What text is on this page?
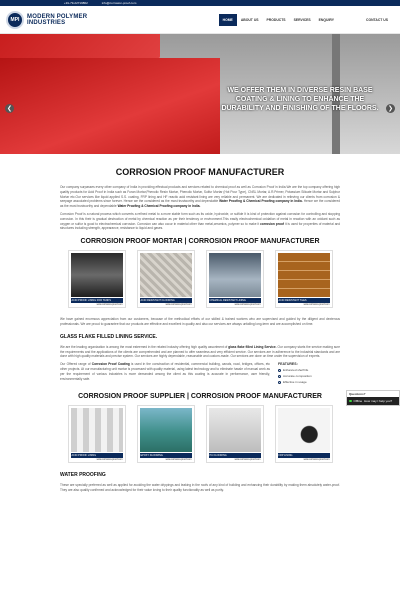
+91-79-22719862	info@corrosion-proof.com
MPI	MODERN POLYMER
INDUSTRIES	HOME	ABOUT US	PRODUCTS	SERVICES	ENQUIRY	CONTACT US
WE OFFER THEM IN DIVERSE RESIN BASE COATING & LINING TO ENHANCE THE DURABILITY AND FINISHING OF THE FLOORS.
❮	❯
CORROSION PROOF MANUFACTURER

Our company surpasses every other company of India in providing effectual products and services related to chemical proof as well as Corrosion Proof in India.We are the top company offering high quality products for Acid Proof in India such as Furan Mortar,Phenolic Resin Mortar, Phenolic Mortar, Sulfur Mortar (Hot Pour Type), CNSL Mortar, A.R.Primer, Potassium Silicate Mortar and Sulphur Mortar etc.Our services like liquid applied S.S. coating, FRP lining and HF reactic acid resistant lining are very reliable and permanent. We are dedicated in relieving our clients from corrosion & seepage associated problems since forever. Hence we the considered as the most trustworthy and dependable Water Proofing & Chemical Proofing company in India. Hence we the considered as the most trustworthy and dependable Water Proofing & Chemical Proofing company in India.

Corrosion Proof is a natural process which converts a refined metal to a more stable form such as its oxide, hydroxide, or sulfide It is kind of protection against corrosion for controlling and stopping corrosion. In this their is gradual destruction of metal by chemical reaction as per their tendency or environment.This easily electrochemical oxidation of metal in reaction with an oxidant such as oxygen or sulfur is good to electrochemical corrosion. Corrosion can also occur in material other than metal,ceramics, polymer so to make it corrosion proof it is used for properties of material and structures including strength, appearance, resistance to liquid and gases.

CORROSION PROOF MORTAR | CORROSION PROOF MANUFACTURER
ACID PROOF LINING FOR TANKS
www.corrosion-proof.com
ACID RESISTANT FLOORING
www.corrosion-proof.com
CHEMICAL RESISTANT LINING
www.corrosion-proof.com
ACID RESISTANT TILES
www.corrosion-proof.com

We have gained enormous appreciation from our customers, because of the methodical efforts of our skilled & trained workers who are supervised and guided by the diligent and dexterous professionals. We are proud to guarantee that our products are effective and excellent in quality and also our services are always unfailing long-term and are accomplished on time.

GLASS FLAKE FILLED LINING SERVICE.

We are the leading organization is among the most esteemed in the related industry offering high quality assortment of glass flake filled Lining Service. Our company starts the service making sure the requirements and the applications of the clients are comprehended and are planned to offer seamless and very efficient service. Our services are in adherence to the industrial standards and are done with high quality materials and precise system. Our services are highly dependable, reasonable and custom-made. Our services are done on time under the supervision of experts.

Our Offered range of Corrosion Proof Coating is used in the construction of residential, commercial building, canals, road, bridges, offices, etc other projects. At our manufacturing unit mortar is processed with quality material, using latest technology and to eliminate hassle of manual work as per the requirement of various industries is more demanded among the client as this coating is accurate in performance, user friendly, environmentally safe.

FEATURES:
Enhanced shelf life
Accurate composition
Effective in usage
CORROSION PROOF SUPPLIER | CORROSION PROOF MANUFACTURER
ACID PROOF LINING
www.corrosion-proof.com
EPOXY FLOORING
www.corrosion-proof.com
PU FLOORING
www.corrosion-proof.com
FRP LINING
www.corrosion-proof.com
WATER PROOFING

These are specially preferred as well as applied for avoiding the water drippings and leaking in the roofs of any kind of building and enhancing their durability by making them absolutely water-proof. They are also quality confirmed and acknowledged for their value loving to their quality functionality as well as purity.

Questions?
Offline How may I help you?
